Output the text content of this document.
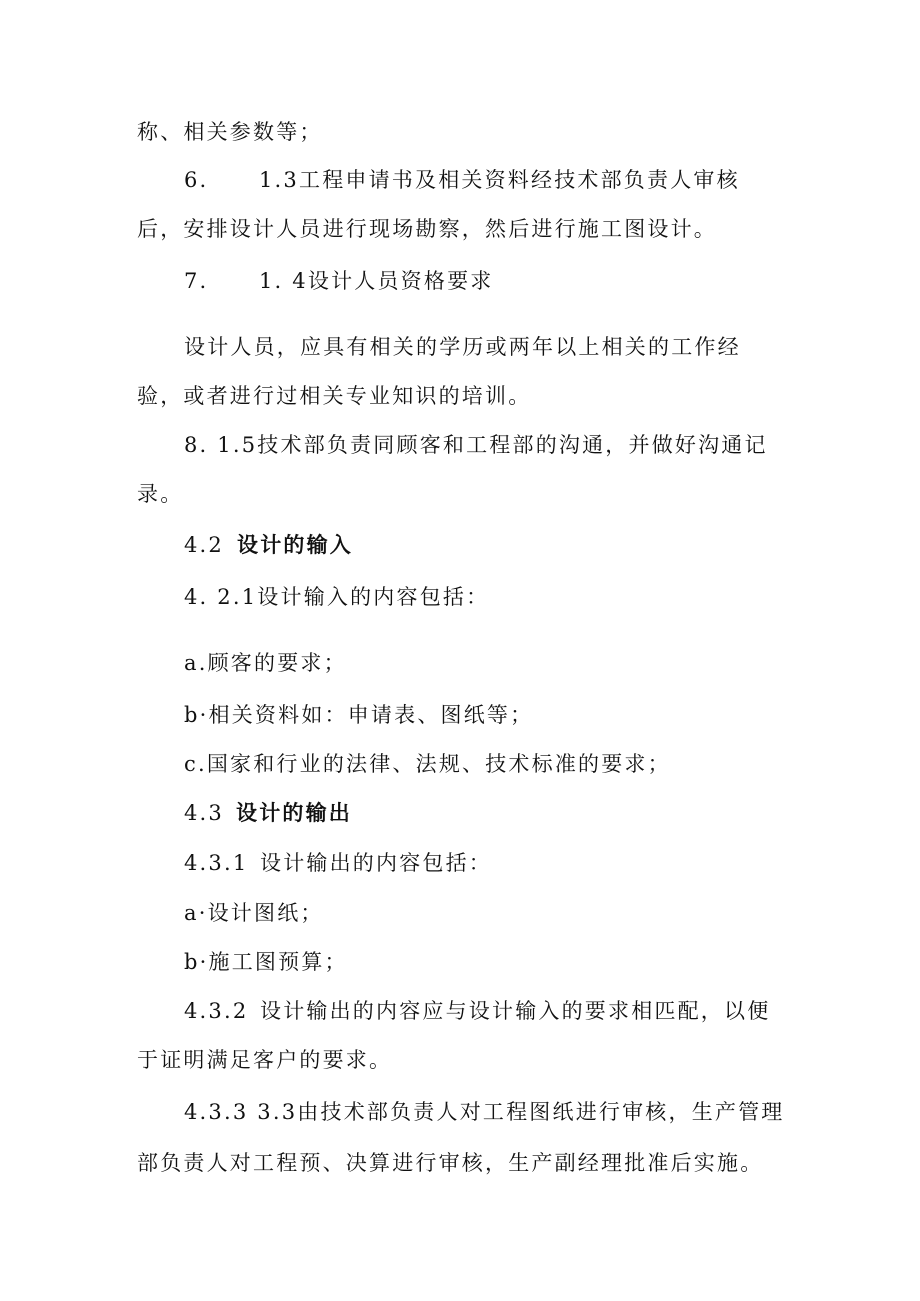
称、相关参数等；

6. 1.3工程申请书及相关资料经技术部负责人审核

后，安排设计人员进行现场勘察，然后进行施工图设计。

7. 1. 4设计人员资格要求

设计人员，应具有相关的学历或两年以上相关的工作经

验，或者进行过相关专业知识的培训。

8. 1.5技术部负责同顾客和工程部的沟通，并做好沟通记

录。

4.2 设计的输入

4. 2.1设计输入的内容包括：

a.顾客的要求；

b·相关资料如：申请表、图纸等；

c.国家和行业的法律、法规、技术标准的要求；

4.3 设计的输出

4.3.1 设计输出的内容包括：

a·设计图纸；

b·施工图预算；

4.3.2 设计输出的内容应与设计输入的要求相匹配，以便

于证明满足客户的要求。

4.3.3 3.3由技术部负责人对工程图纸进行审核，生产管理

部负责人对工程预、决算进行审核，生产副经理批准后实施。
